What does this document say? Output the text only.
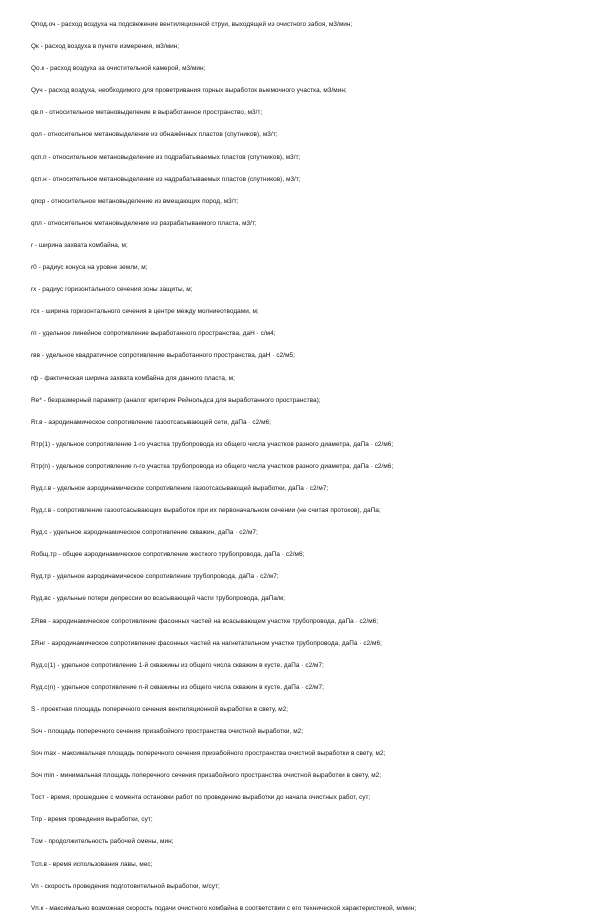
Qпод.оч - расход воздуха на подсвежение вентиляционной струи, выходящей из очистного забоя, м3/мин;
Qк - расход воздуха в пункте измерения, м3/мин;
Qо.к - расход воздуха за очистительной камерой, м3/мин;
Qуч - расход воздуха, необходимого для проветривания горных выработок выемочного участка, м3/мин;
qв.п - относительное метановыделение в выработанное пространство, м3/т;
qол - относительное метановыделение из обнажённых пластов (спутников), м3/т;
qсп.п - относительное метановыделение из подрабатываемых пластов (спутников), м3/т;
qсп.н - относительное метановыделение из надрабатываемых пластов (спутников), м3/т;
qпор - относительное метановыделение из вмещающих пород, м3/т;
qпл - относительное метановыделение из разрабатываемого пласта, м3/т;
r - ширина захвата комбайна, м;
r0 - радиус конуса на уровне земли, м;
rх - радиус горизонтального сечения зоны защиты, м;
rсх - ширина горизонтального сечения в центре между молниеотводами, м;
rп - удельное линейное сопротивление выработанного пространства, даН · с/м4;
rвв - удельное квадратичное сопротивление выработанного пространства, даН · с2/м5;
rф - фактическая ширина захвата комбайна для данного пласта, м;
Re* - безразмерный параметр (аналог критерия Рейнольдса для выработанного пространства);
Rг.в - аэродинамическое сопротивление газоотсасывающей сети, даПа · с2/м6;
Rтр(1) - удельное сопротивление 1-го участка трубопровода из общего числа участков разного диаметра, даПа · с2/м6;
Rтр(n) - удельное сопротивление n-го участка трубопровода из общего числа участков разного диаметра, даПа · с2/м6;
Rуд.г.в - удельное аэродинамическое сопротивление газоотсасывающей выработки, даПа · с2/м7;
Rуд.г.в - сопротивление газоотсасывающих выработок при их первоначальном сечении (не считая протоков), даПа;
Rуд.с - удельное аэродинамическое сопротивление скважин, даПа · с2/м7;
Rобщ.тр - общее аэродинамическое сопротивление жесткого трубопровода, даПа · с2/м6;
Rуд.тр - удельное аэродинамическое сопротивление трубопровода, даПа · с2/м7;
Rуд.вс - удельные потери депрессии во всасывающей части трубопровода, даПа/м;
ΣRвв - аэродинамическое сопротивление фасонных частей на всасывающем участке трубопровода, даПа · с2/м6;
ΣRнг - аэродинамическое сопротивление фасонных частей на нагнетательном участке трубопровода, даПа · с2/м6;
Rуд.с(1) - удельное сопротивление 1-й скважины из общего числа скважин в кусте, даПа · с2/м7;
Rуд.с(n) - удельное сопротивление n-й скважины из общего числа скважин в кусте, даПа · с2/м7;
S - проектная площадь поперечного сечения вентиляционной выработки в свету, м2;
Sоч - площадь поперечного сечения призабойного пространства очистной выработки, м2;
Sоч max - максимальная площадь поперечного сечения призабойного пространства очистной выработки в свету, м2;
Sоч min - минимальная площадь поперечного сечения призабойного пространства очистной выработки в свету, м2;
Tост - время, прошедшее с момента остановки работ по проведению выработки до начала очистных работ, сут;
Tпр - время проведения выработки, сут;
Tсм - продолжительность рабочей смены, мин;
Tсп.в - время использования лавы, мес;
Vп - скорость проведения подготовительной выработки, м/сут;
Vп.к - максимально возможная скорость подачи очистного комбайна в соответствии с его технической характеристикой, м/мин;
